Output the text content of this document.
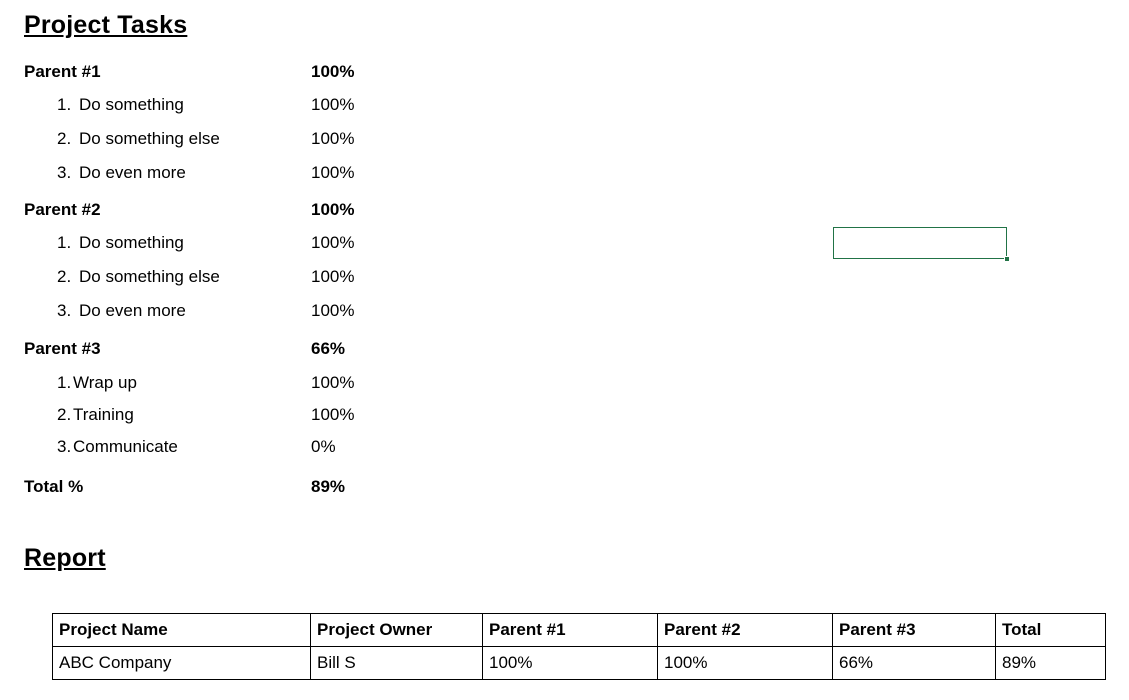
Project Tasks
Parent #1	100%
1. Do something	100%
2. Do something else	100%
3. Do even more	100%
Parent #2	100%
1. Do something	100%
2. Do something else	100%
3. Do even more	100%
Parent #3	66%
1. Wrap up	100%
2. Training	100%
3. Communicate	0%
Total %	89%
Report
Project Name	Project Owner	Parent #1	Parent #2	Parent #3	Total
ABC Company	Bill S	100%	100%	66%	89%
